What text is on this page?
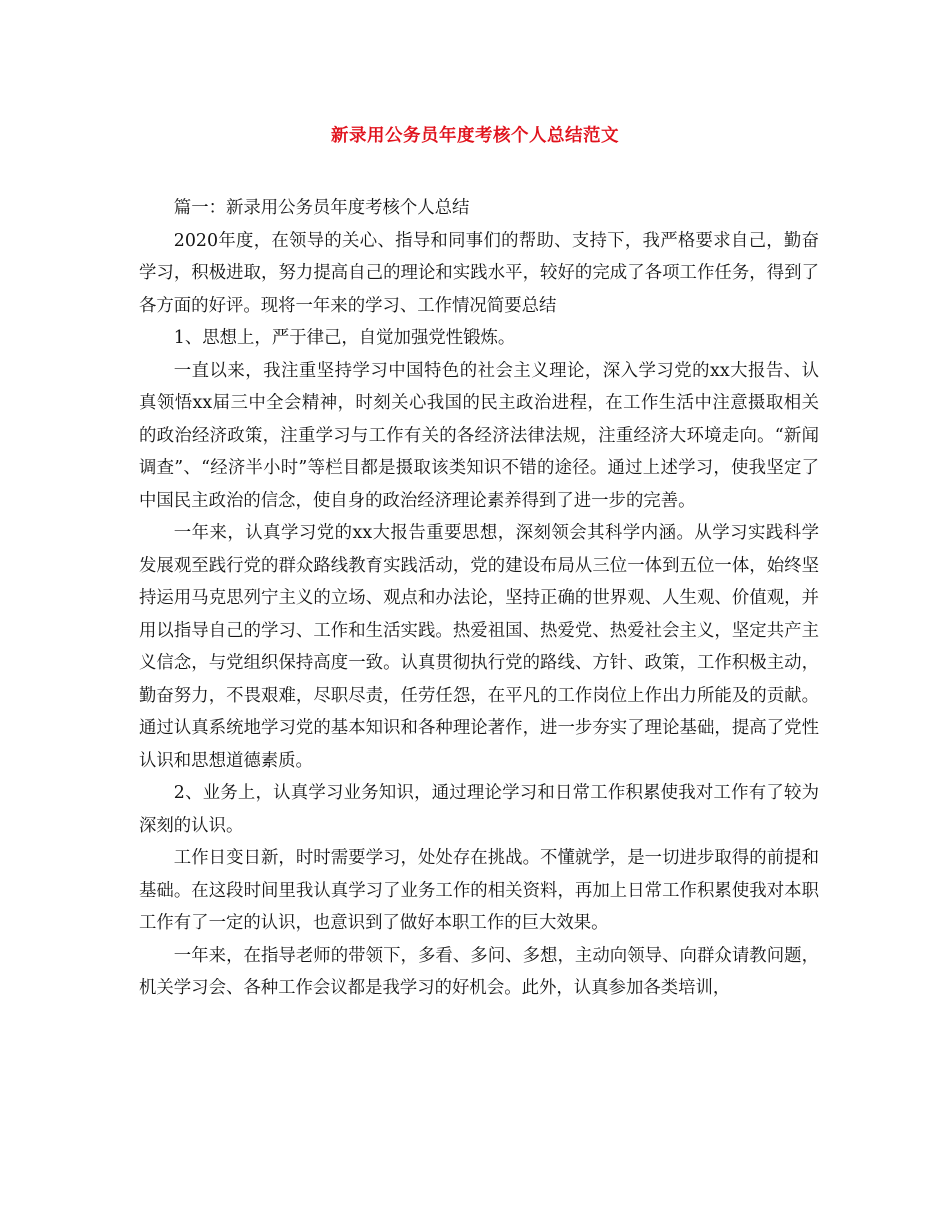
新录用公务员年度考核个人总结范文

篇一：新录用公务员年度考核个人总结

2020年度，在领导的关心、指导和同事们的帮助、支持下，我严格要求自己，勤奋学习，积极进取，努力提高自己的理论和实践水平，较好的完成了各项工作任务，得到了各方面的好评。现将一年来的学习、工作情况简要总结

1、思想上，严于律己，自觉加强党性锻炼。

一直以来，我注重坚持学习中国特色的社会主义理论，深入学习党的xx大报告、认真领悟xx届三中全会精神，时刻关心我国的民主政治进程，在工作生活中注意摄取相关的政治经济政策，注重学习与工作有关的各经济法律法规，注重经济大环境走向。“新闻调查”、“经济半小时”等栏目都是摄取该类知识不错的途径。通过上述学习，使我坚定了中国民主政治的信念，使自身的政治经济理论素养得到了进一步的完善。

一年来，认真学习党的xx大报告重要思想，深刻领会其科学内涵。从学习实践科学发展观至践行党的群众路线教育实践活动，党的建设布局从三位一体到五位一体，始终坚持运用马克思列宁主义的立场、观点和办法论，坚持正确的世界观、人生观、价值观，并用以指导自己的学习、工作和生活实践。热爱祖国、热爱党、热爱社会主义，坚定共产主义信念，与党组织保持高度一致。认真贯彻执行党的路线、方针、政策，工作积极主动，勤奋努力，不畏艰难，尽职尽责，任劳任怨，在平凡的工作岗位上作出力所能及的贡献。通过认真系统地学习党的基本知识和各种理论著作，进一步夯实了理论基础，提高了党性认识和思想道德素质。

2、业务上，认真学习业务知识，通过理论学习和日常工作积累使我对工作有了较为深刻的认识。

工作日变日新，时时需要学习，处处存在挑战。不懂就学，是一切进步取得的前提和基础。在这段时间里我认真学习了业务工作的相关资料，再加上日常工作积累使我对本职工作有了一定的认识，也意识到了做好本职工作的巨大效果。

一年来，在指导老师的带领下，多看、多问、多想，主动向领导、向群众请教问题，机关学习会、各种工作会议都是我学习的好机会。此外，认真参加各类培训，
